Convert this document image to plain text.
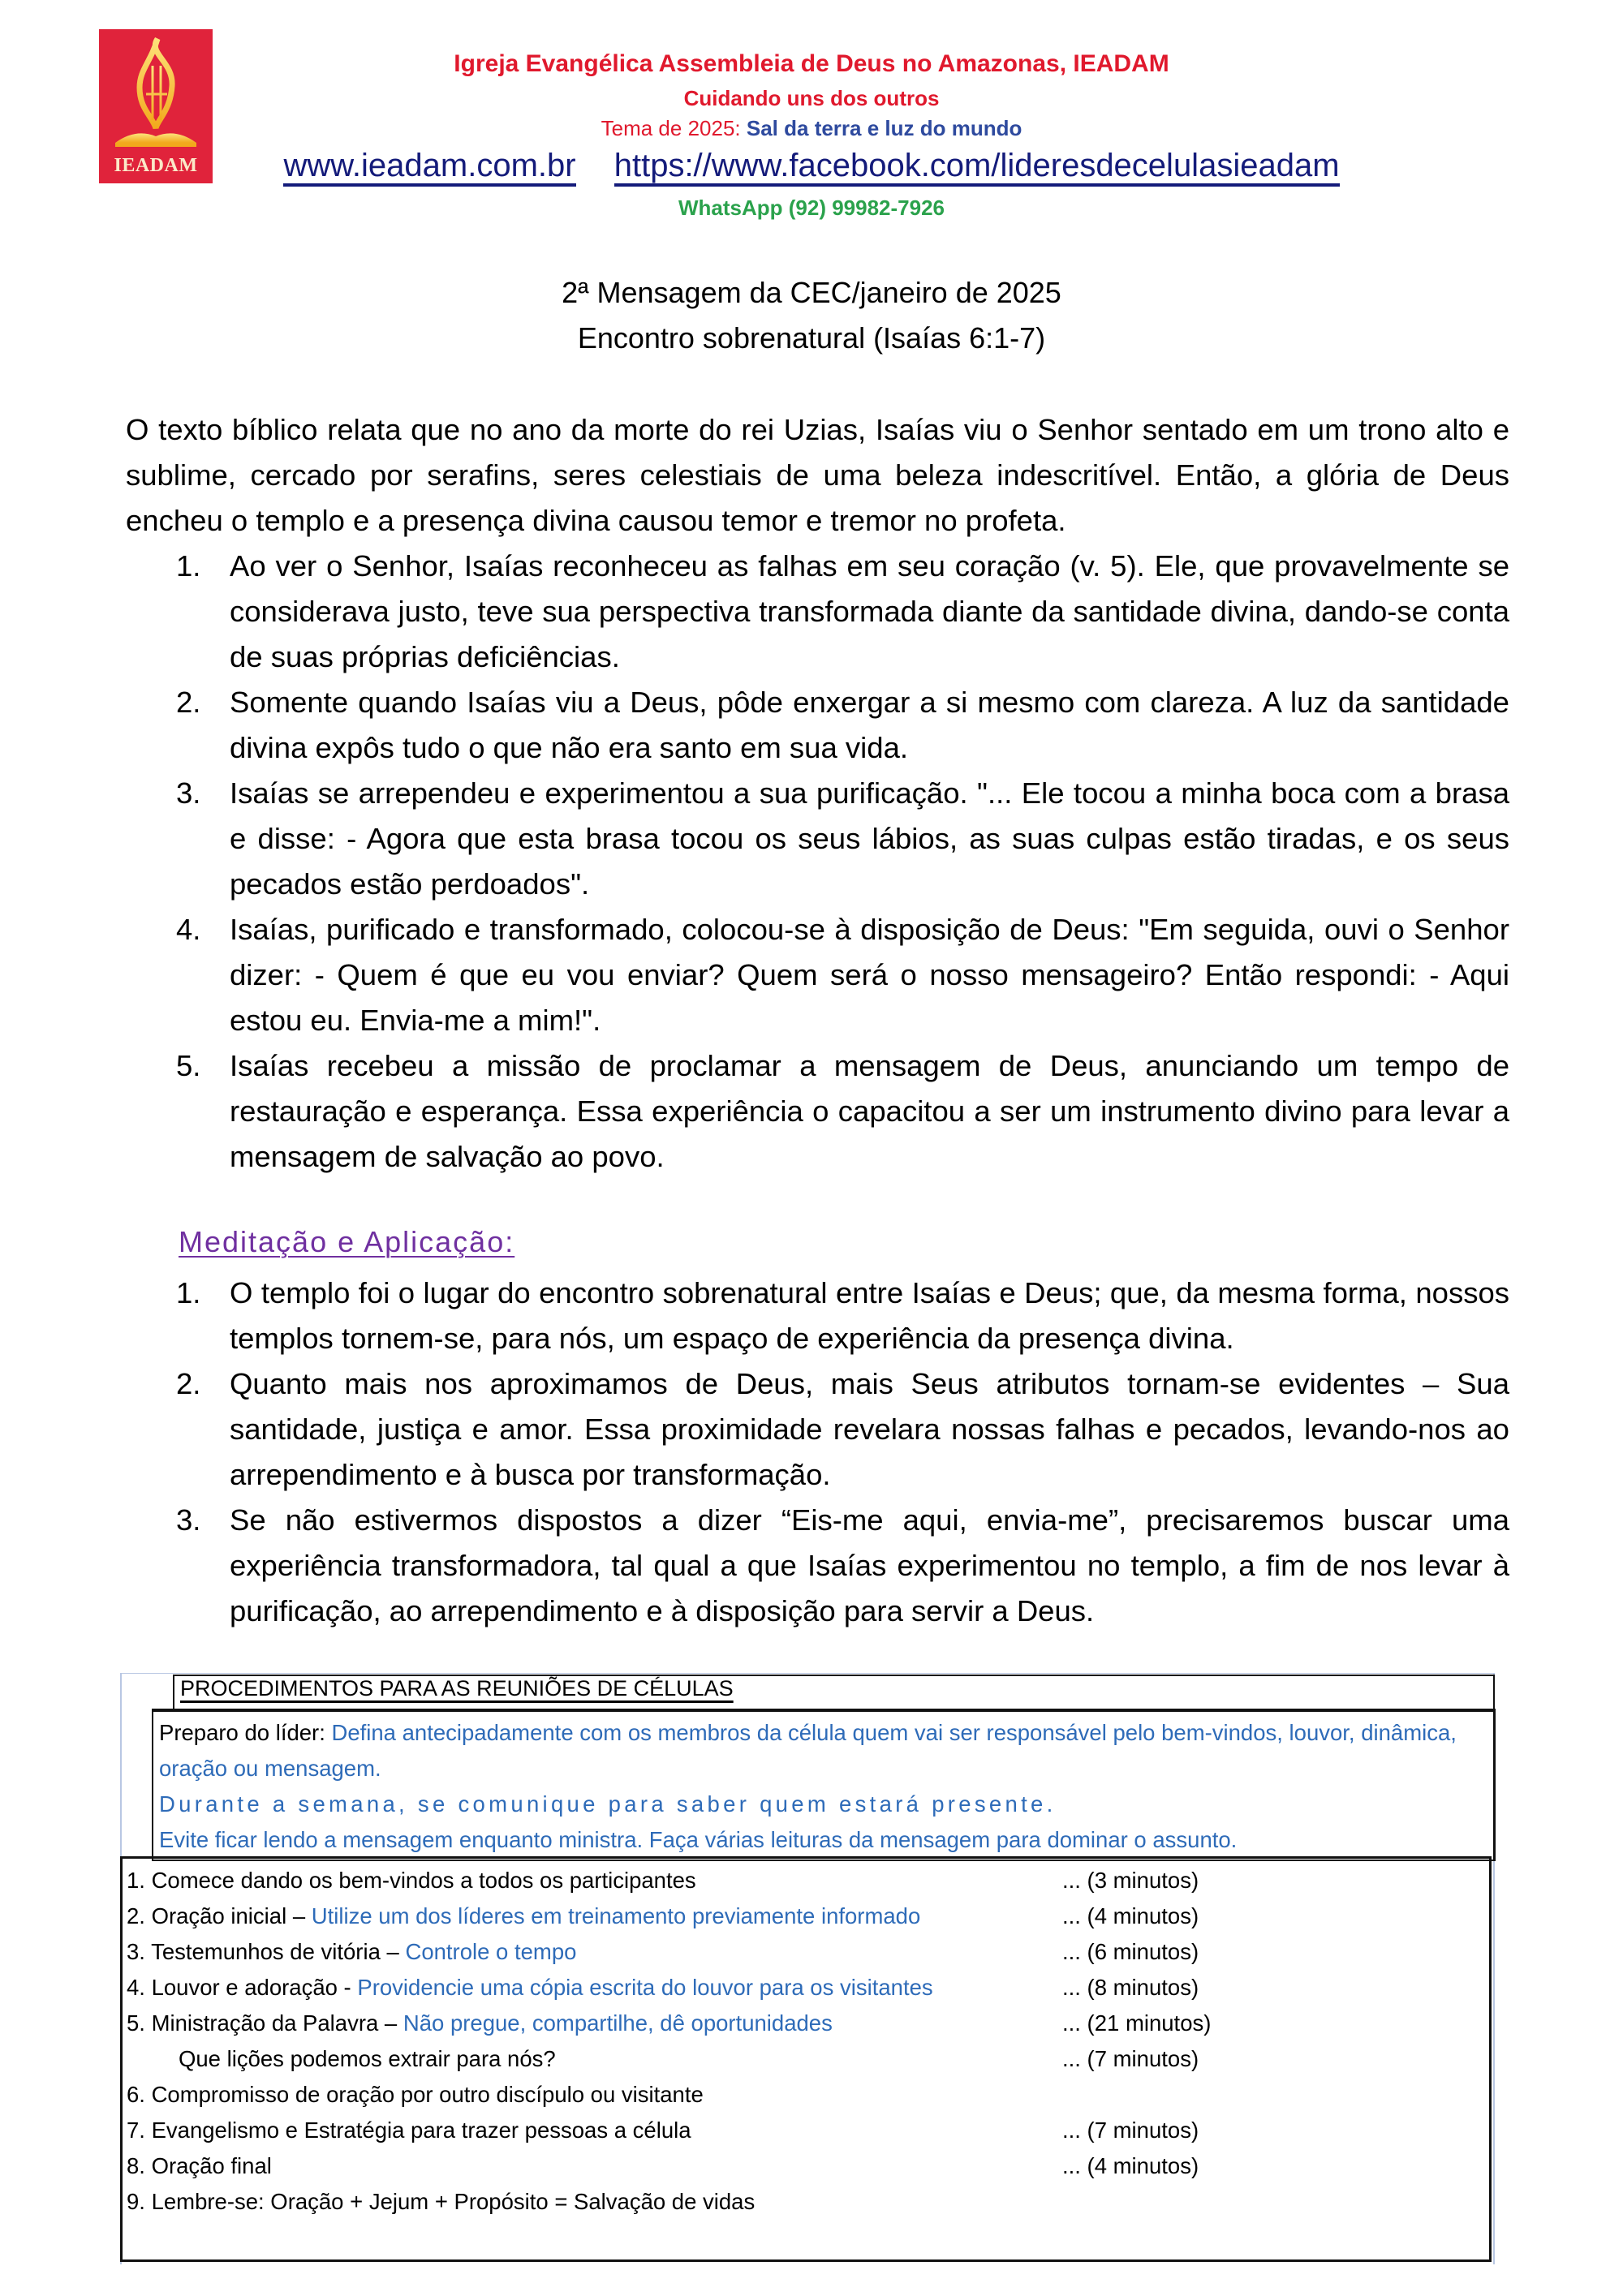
IEADAM
Igreja Evangélica Assembleia de Deus no Amazonas, IEADAM
Cuidando uns dos outros
Tema de 2025: Sal da terra e luz do mundo
www.ieadam.com.br https://www.facebook.com/lideresdecelulasieadam
WhatsApp (92) 99982-7926
2ª Mensagem da CEC/janeiro de 2025
Encontro sobrenatural (Isaías 6:1-7)
O texto bíblico relata que no ano da morte do rei Uzias, Isaías viu o Senhor sentado em um trono alto e sublime, cercado por serafins, seres celestiais de uma beleza indescritível. Então, a glória de Deus encheu o templo e a presença divina causou temor e tremor no profeta.
1. Ao ver o Senhor, Isaías reconheceu as falhas em seu coração (v. 5). Ele, que provavelmente se considerava justo, teve sua perspectiva transformada diante da santidade divina, dando-se conta de suas próprias deficiências.
2. Somente quando Isaías viu a Deus, pôde enxergar a si mesmo com clareza. A luz da santidade divina expôs tudo o que não era santo em sua vida.
3. Isaías se arrependeu e experimentou a sua purificação. "... Ele tocou a minha boca com a brasa e disse: - Agora que esta brasa tocou os seus lábios, as suas culpas estão tiradas, e os seus pecados estão perdoados".
4. Isaías, purificado e transformado, colocou-se à disposição de Deus: "Em seguida, ouvi o Senhor dizer: - Quem é que eu vou enviar? Quem será o nosso mensageiro? Então respondi: - Aqui estou eu. Envia-me a mim!".
5. Isaías recebeu a missão de proclamar a mensagem de Deus, anunciando um tempo de restauração e esperança. Essa experiência o capacitou a ser um instrumento divino para levar a mensagem de salvação ao povo.
Meditação e Aplicação:
1. O templo foi o lugar do encontro sobrenatural entre Isaías e Deus; que, da mesma forma, nossos templos tornem-se, para nós, um espaço de experiência da presença divina.
2. Quanto mais nos aproximamos de Deus, mais Seus atributos tornam-se evidentes – Sua santidade, justiça e amor. Essa proximidade revelara nossas falhas e pecados, levando-nos ao arrependimento e à busca por transformação.
3. Se não estivermos dispostos a dizer “Eis-me aqui, envia-me”, precisaremos buscar uma experiência transformadora, tal qual a que Isaías experimentou no templo, a fim de nos levar à purificação, ao arrependimento e à disposição para servir a Deus.
PROCEDIMENTOS PARA AS REUNIÕES DE CÉLULAS
Preparo do líder: Defina antecipadamente com os membros da célula quem vai ser responsável pelo bem-vindos, louvor, dinâmica, oração ou mensagem.
Durante a semana, se comunique para saber quem estará presente.
Evite ficar lendo a mensagem enquanto ministra. Faça várias leituras da mensagem para dominar o assunto.
1. Comece dando os bem-vindos a todos os participantes	... (3 minutos)
2. Oração inicial – Utilize um dos líderes em treinamento previamente informado	... (4 minutos)
3. Testemunhos de vitória – Controle o tempo	... (6 minutos)
4. Louvor e adoração - Providencie uma cópia escrita do louvor para os visitantes	... (8 minutos)
5. Ministração da Palavra – Não pregue, compartilhe, dê oportunidades	... (21 minutos)
Que lições podemos extrair para nós?	... (7 minutos)
6. Compromisso de oração por outro discípulo ou visitante
7. Evangelismo e Estratégia para trazer pessoas a célula	... (7 minutos)
8. Oração final	... (4 minutos)
9. Lembre-se: Oração + Jejum + Propósito = Salvação de vidas
